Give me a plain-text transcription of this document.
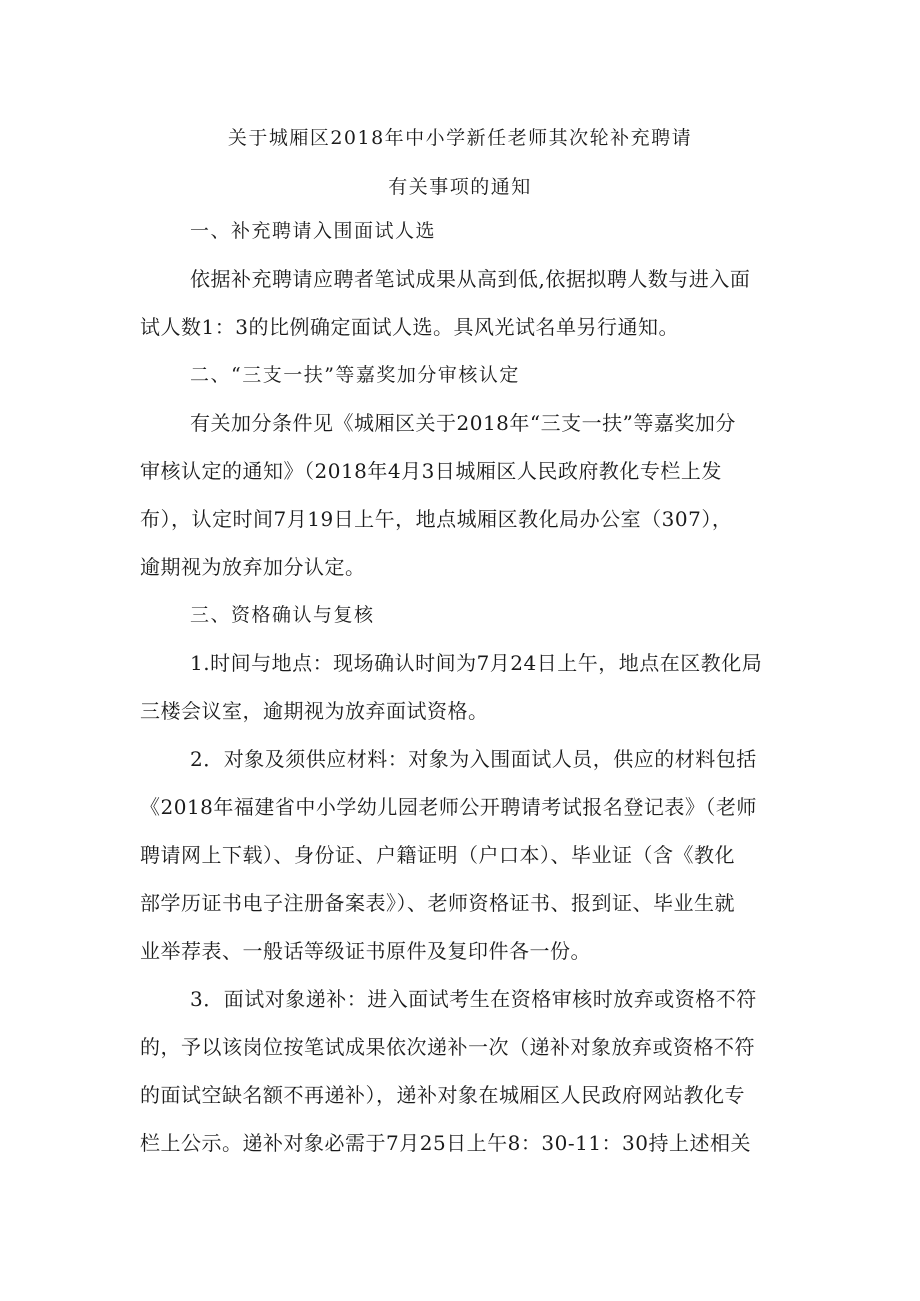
关于城厢区2018年中小学新任老师其次轮补充聘请
有关事项的通知
一、补充聘请入围面试人选
依据补充聘请应聘者笔试成果从高到低,依据拟聘人数与进入面
试人数1：3的比例确定面试人选。具风光试名单另行通知。
二、“三支一扶”等嘉奖加分审核认定
有关加分条件见《城厢区关于2018年“三支一扶”等嘉奖加分
审核认定的通知》（2018年4月3日城厢区人民政府教化专栏上发
布），认定时间7月19日上午，地点城厢区教化局办公室（307），
逾期视为放弃加分认定。
三、资格确认与复核
1.时间与地点：现场确认时间为7月24日上午，地点在区教化局
三楼会议室，逾期视为放弃面试资格。
2．对象及须供应材料：对象为入围面试人员，供应的材料包括
《2018年福建省中小学幼儿园老师公开聘请考试报名登记表》（老师
聘请网上下载）、身份证、户籍证明（户口本）、毕业证（含《教化
部学历证书电子注册备案表》）、老师资格证书、报到证、毕业生就
业举荐表、一般话等级证书原件及复印件各一份。
3．面试对象递补：进入面试考生在资格审核时放弃或资格不符
的，予以该岗位按笔试成果依次递补一次（递补对象放弃或资格不符
的面试空缺名额不再递补），递补对象在城厢区人民政府网站教化专
栏上公示。递补对象必需于7月25日上午8：30-11：30持上述相关
